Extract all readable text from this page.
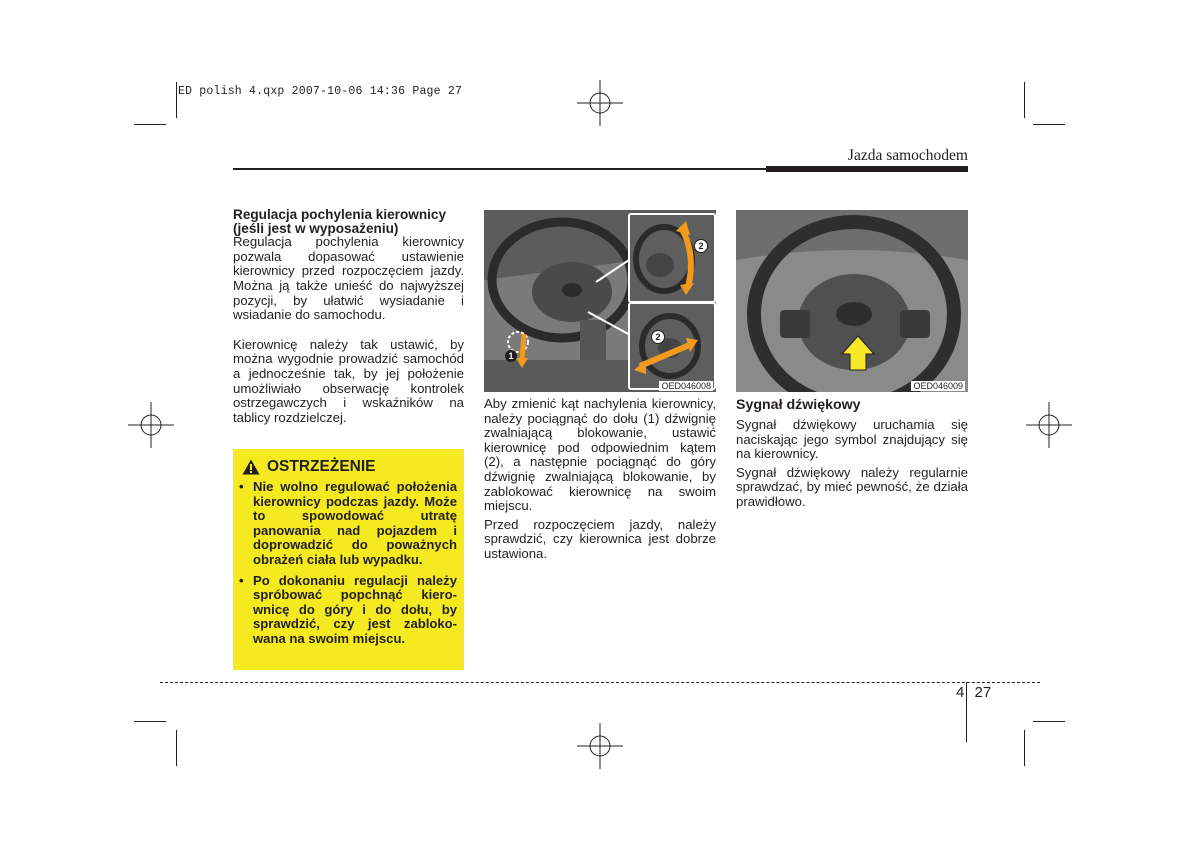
ED polish 4.qxp 2007-10-06 14:36 Page 27
Jazda samochodem
Regulacja pochylenia kierownicy (jeśli jest w wyposażeniu)

Regulacja pochylenia kierownicy pozwala dopasować ustawienie kierownicy przed rozpoczęciem jazdy. Można ją także unieść do najwyższej pozycji, by ułatwić wysiadanie i wsiadanie do samochodu.

Kierownicę należy tak ustawić, by można wygodnie prowadzić samochód a jednocześnie tak, by jej położenie umożliwiało obserwację kontrolek ostrzegawczych i wskaźników na tablicy rozdzielczej.

OSTRZEŻENIE
• Nie wolno regulować położenia kierownicy podczas jazdy. Może to spowodować utratę panowania nad pojazdem i doprowadzić do poważnych obrażeń ciała lub wypadku.

• Po dokonaniu regulacji należy spróbować popchnąć kiero-wnicę do góry i do dołu, by sprawdzić, czy jest zabloko-wana na swoim miejscu.

1
2
2
OED046008

Aby zmienić kąt nachylenia kierownicy, należy pociągnąć do dołu (1) dźwignię zwalniającą blokowanie, ustawić kierownicę pod odpowiednim kątem (2), a następnie pociągnąć do góry dźwignię zwalniającą blokowanie, by zablokować kierownicę na swoim miejscu.

Przed rozpoczęciem jazdy, należy sprawdzić, czy kierownica jest dobrze ustawiona.

OED046009
Sygnał dźwiękowy

Sygnał dźwiękowy uruchamia się naciskając jego symbol znajdujący się na kierownicy.

Sygnał dźwiękowy należy regularnie sprawdzać, by mieć pewność, że działa prawidłowo.

4 27
